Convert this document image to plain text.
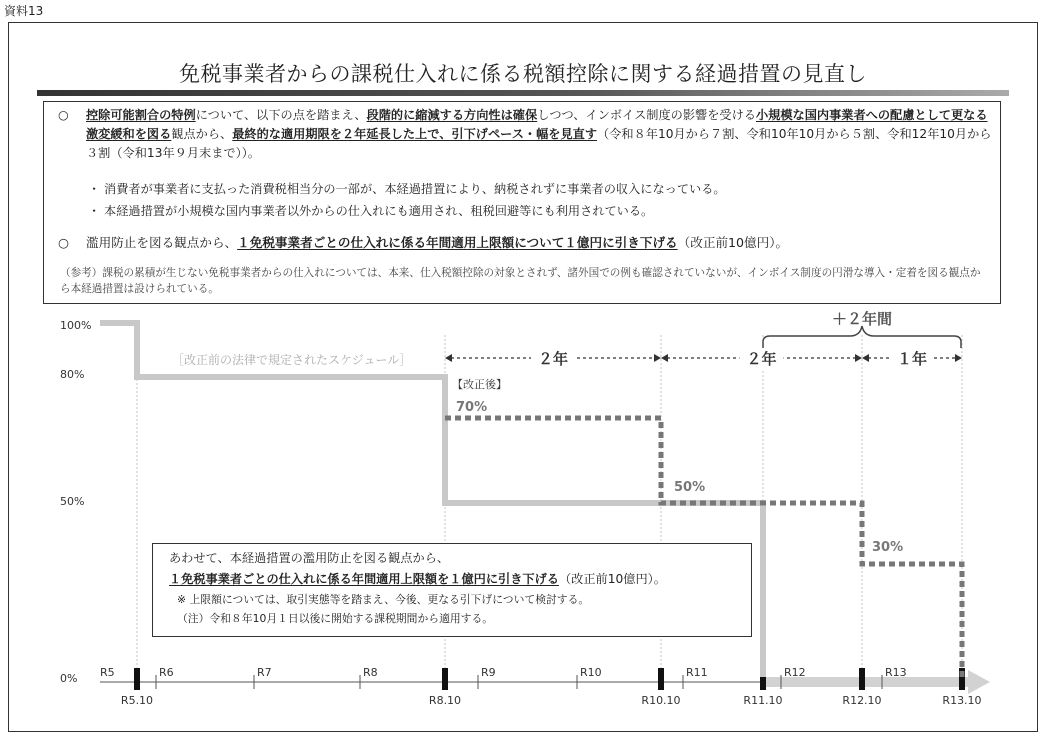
資料13
免税事業者からの課税仕入れに係る税額控除に関する経過措置の見直し
○ 控除可能割合の特例について、以下の点を踏まえ、段階的に縮減する方向性は確保しつつ、インボイス制度の影響を受ける小規模な国内事業者への配慮として更なる激変緩和を図る観点から、最終的な適用期限を２年延長した上で、引下げペース・幅を見直す（令和８年10月から７割、令和10年10月から５割、令和12年10月から３割（令和13年９月末まで））。
・ 消費者が事業者に支払った消費税相当分の一部が、本経過措置により、納税されずに事業者の収入になっている。
・ 本経過措置が小規模な国内事業者以外からの仕入れにも適用され、租税回避等にも利用されている。
○ 濫用防止を図る観点から、１免税事業者ごとの仕入れに係る年間適用上限額について１億円に引き下げる（改正前10億円）。
（参考）課税の累積が生じない免税事業者からの仕入れについては、本来、仕入税額控除の対象とされず、諸外国での例も確認されていないが、インボイス制度の円滑な導入・定着を図る観点から本経過措置は設けられている。
100%
80%
50%
0% R5	R6	R7	R8	R9	R10	R11	R12	R13
R5.10	R8.10	R10.10	R11.10	R12.10	R13.10
［改正前の法律で規定されたスケジュール］
【改正後】
70%
50%
30%
２年	２年	１年
＋２年間
あわせて、本経過措置の濫用防止を図る観点から、
１免税事業者ごとの仕入れに係る年間適用上限額を１億円に引き下げる（改正前10億円）。
※ 上限額については、取引実態等を踏まえ、今後、更なる引下げについて検討する。
（注）令和８年10月１日以後に開始する課税期間から適用する。
